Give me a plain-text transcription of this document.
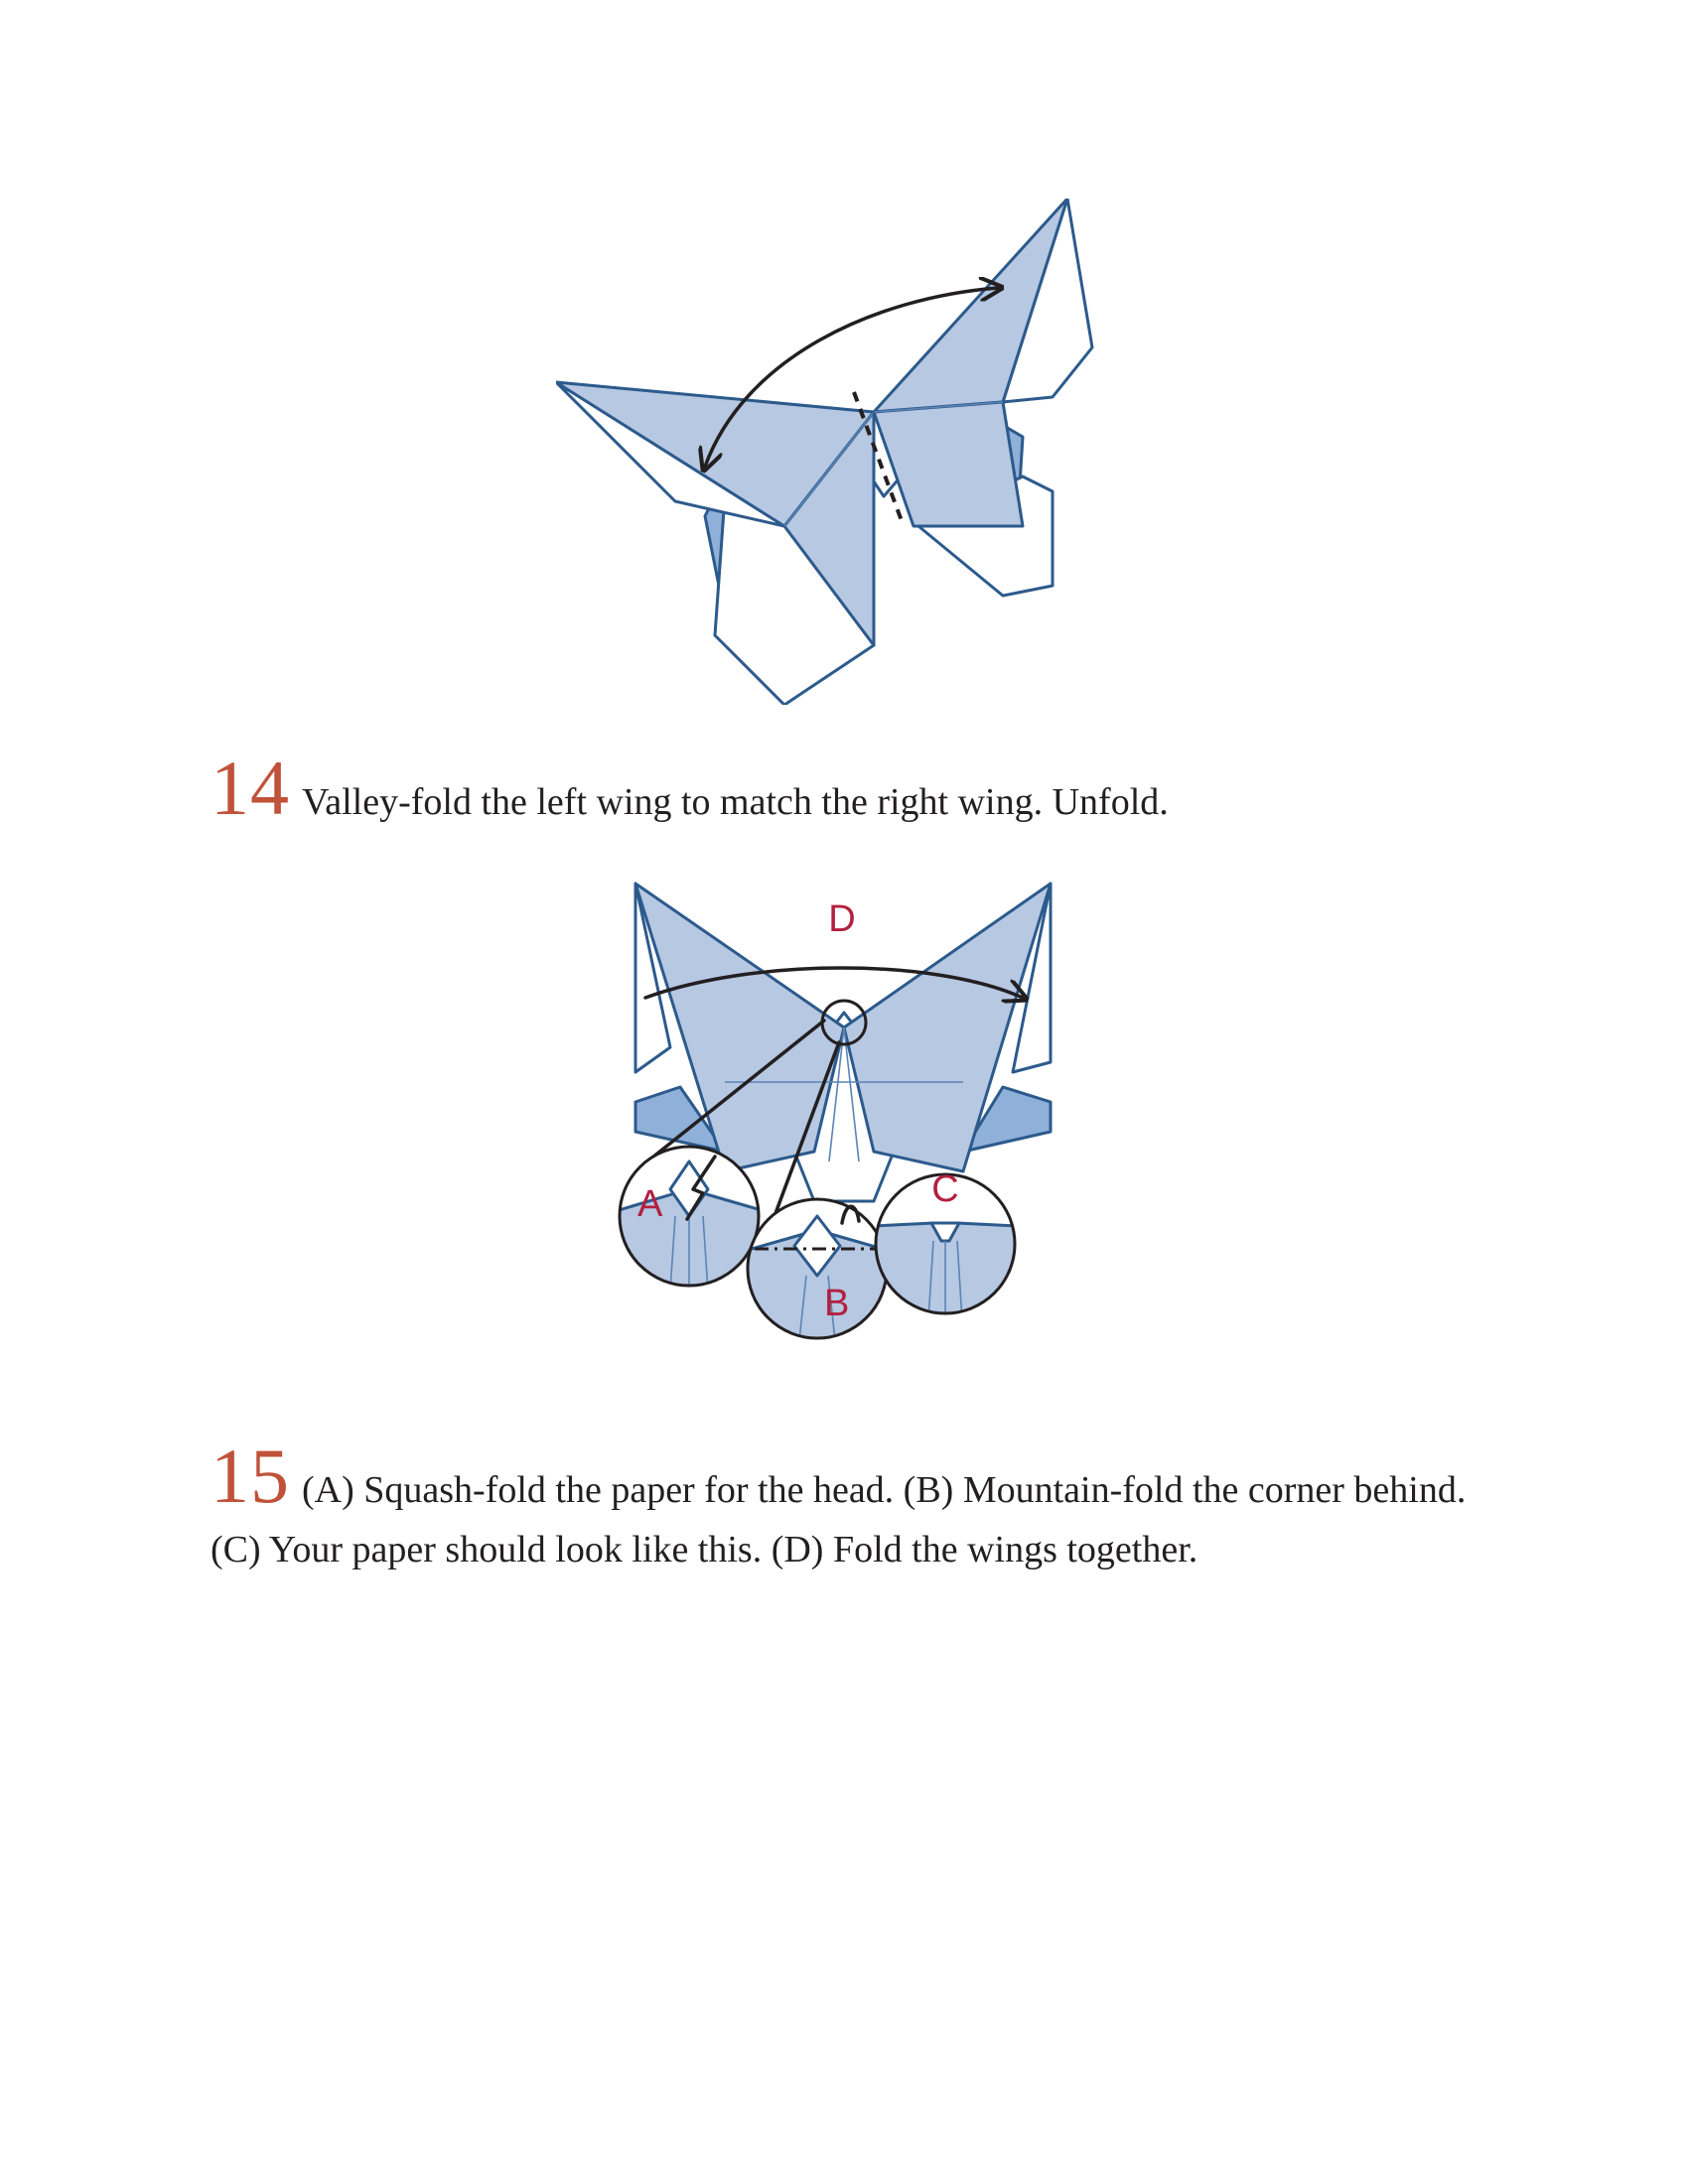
14 Valley-fold the left wing to match the right wing. Unfold.
D
A
B
C
15 (A) Squash-fold the paper for the head. (B) Mountain-fold the corner behind. (C) Your paper should look like this. (D) Fold the wings together.
